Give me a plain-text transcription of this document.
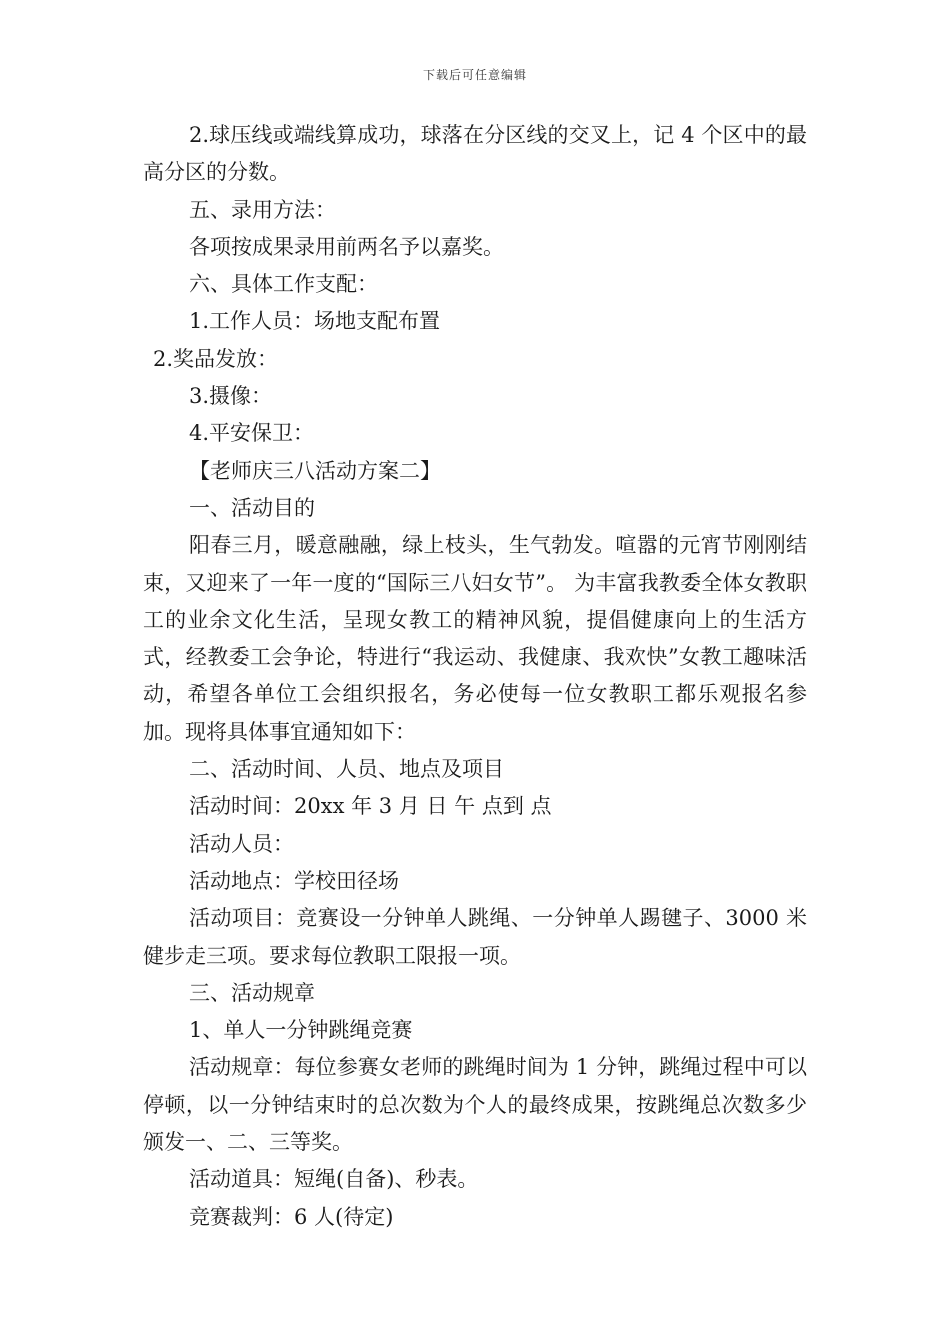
下载后可任意编辑

2.球压线或端线算成功，球落在分区线的交叉上，记 4 个区中的最高分区的分数。

五、录用方法：

各项按成果录用前两名予以嘉奖。

六、具体工作支配：

1.工作人员：场地支配布置

2.奖品发放：

3.摄像：

4.平安保卫：

【老师庆三八活动方案二】

一、活动目的

阳春三月，暖意融融，绿上枝头，生气勃发。喧嚣的元宵节刚刚结束，又迎来了一年一度的“国际三八妇女节”。 为丰富我教委全体女教职工的业余文化生活，呈现女教工的精神风貌，提倡健康向上的生活方式，经教委工会争论，特进行“我运动、我健康、我欢快”女教工趣味活动，希望各单位工会组织报名，务必使每一位女教职工都乐观报名参加。现将具体事宜通知如下：

二、活动时间、人员、地点及项目

活动时间：20xx 年 3 月 日 午 点到 点

活动人员：

活动地点：学校田径场

活动项目：竞赛设一分钟单人跳绳、一分钟单人踢毽子、3000 米健步走三项。要求每位教职工限报一项。

三、活动规章

1、单人一分钟跳绳竞赛

活动规章：每位参赛女老师的跳绳时间为 1 分钟，跳绳过程中可以停顿，以一分钟结束时的总次数为个人的最终成果，按跳绳总次数多少颁发一、二、三等奖。

活动道具：短绳(自备)、秒表。

竞赛裁判：6 人(待定)
